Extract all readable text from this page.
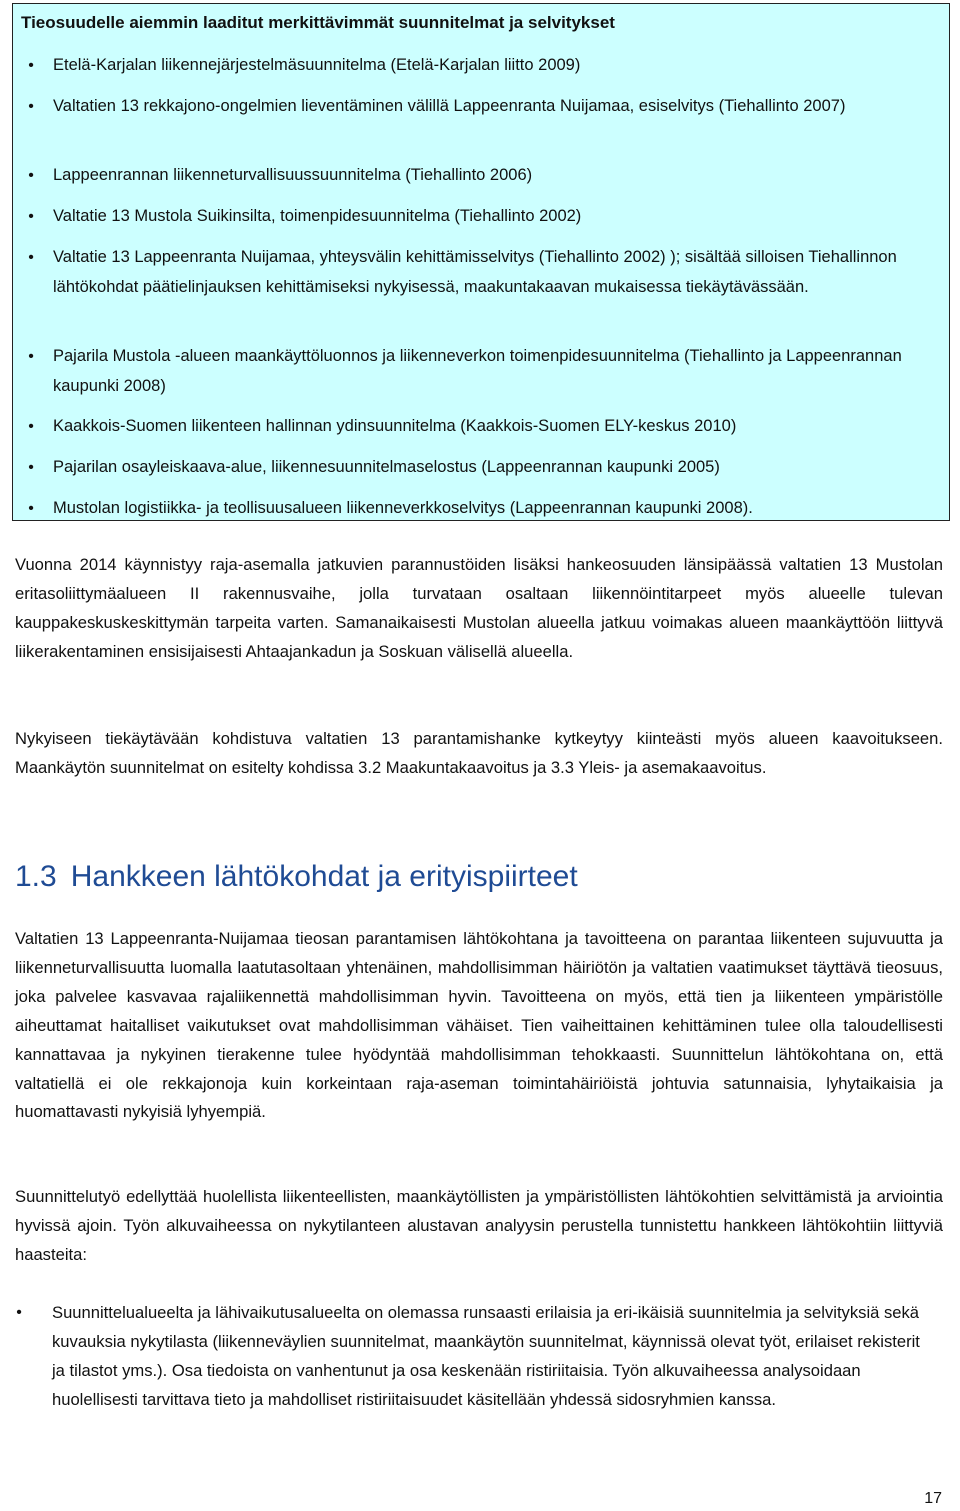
Tieosuudelle aiemmin laaditut merkittävimmät suunnitelmat ja selvitykset

• Etelä-Karjalan liikennejärjestelmäsuunnitelma (Etelä-Karjalan liitto 2009)
• Valtatien 13 rekkajono-ongelmien lieventäminen välillä Lappeenranta Nuijamaa, esiselvitys (Tiehallinto 2007)
• Lappeenrannan liikenneturvallisuussuunnitelma (Tiehallinto 2006)
• Valtatie 13 Mustola Suikinsilta, toimenpidesuunnitelma (Tiehallinto 2002)
• Valtatie 13 Lappeenranta Nuijamaa, yhteysvälin kehittämisselvitys (Tiehallinto 2002) ); sisältää silloisen Tiehallinnon lähtökohdat päätielinjauksen kehittämiseksi nykyisessä, maakuntakaavan mukaisessa tiekäytävässään.
• Pajarila Mustola -alueen maankäyttöluonnos ja liikenneverkon toimenpidesuunnitelma (Tiehallinto ja Lappeenrannan kaupunki 2008)
• Kaakkois-Suomen liikenteen hallinnan ydinsuunnitelma (Kaakkois-Suomen ELY-keskus 2010)
• Pajarilan osayleiskaava-alue, liikennesuunnitelmaselostus (Lappeenrannan kaupunki 2005)
• Mustolan logistiikka- ja teollisuusalueen liikenneverkkoselvitys (Lappeenrannan kaupunki 2008).

Vuonna 2014 käynnistyy raja-asemalla jatkuvien parannustöiden lisäksi hankeosuuden länsipäässä valtatien 13 Mustolan eritasoliittymäalueen II rakennusvaihe, jolla turvataan osaltaan liikennöintitarpeet myös alueelle tulevan kauppakeskuskeskittymän tarpeita varten. Samanaikaisesti Mustolan alueella jatkuu voimakas alueen maankäyttöön liittyvä liikerakentaminen ensisijaisesti Ahtaajankadun ja Soskuan välisellä alueella.

Nykyiseen tiekäytävään kohdistuva valtatien 13 parantamishanke kytkeytyy kiinteästi myös alueen kaavoitukseen. Maankäytön suunnitelmat on esitelty kohdissa 3.2 Maakuntakaavoitus ja 3.3 Yleis- ja asemakaavoitus.

1.3 Hankkeen lähtökohdat ja erityispiirteet

Valtatien 13 Lappeenranta-Nuijamaa tieosan parantamisen lähtökohtana ja tavoitteena on parantaa liikenteen sujuvuutta ja liikenneturvallisuutta luomalla laatutasoltaan yhtenäinen, mahdollisimman häiriötön ja valtatien vaatimukset täyttävä tieosuus, joka palvelee kasvavaa rajaliikennettä mahdollisimman hyvin. Tavoitteena on myös, että tien ja liikenteen ympäristölle aiheuttamat haitalliset vaikutukset ovat mahdollisimman vähäiset. Tien vaiheittainen kehittäminen tulee olla taloudellisesti kannattavaa ja nykyinen tierakenne tulee hyödyntää mahdollisimman tehokkaasti. Suunnittelun lähtökohtana on, että valtatiellä ei ole rekkajonoja kuin korkeintaan raja-aseman toimintahäiriöistä johtuvia satunnaisia, lyhytaikaisia ja huomattavasti nykyisiä lyhyempiä.

Suunnittelutyö edellyttää huolellista liikenteellisten, maankäytöllisten ja ympäristöllisten lähtökohtien selvittämistä ja arviointia hyvissä ajoin. Työn alkuvaiheessa on nykytilanteen alustavan analyysin perustella tunnistettu hankkeen lähtökohtiin liittyviä haasteita:

• Suunnittelualueelta ja lähivaikutusalueelta on olemassa runsaasti erilaisia ja eri-ikäisiä suunnitelmia ja selvityksiä sekä kuvauksia nykytilasta (liikenneväylien suunnitelmat, maankäytön suunnitelmat, käynnissä olevat työt, erilaiset rekisterit ja tilastot yms.). Osa tiedoista on vanhentunut ja osa keskenään ristiriitaisia. Työn alkuvaiheessa analysoidaan huolellisesti tarvittava tieto ja mahdolliset ristiriitaisuudet käsitellään yhdessä sidosryhmien kanssa.
17
